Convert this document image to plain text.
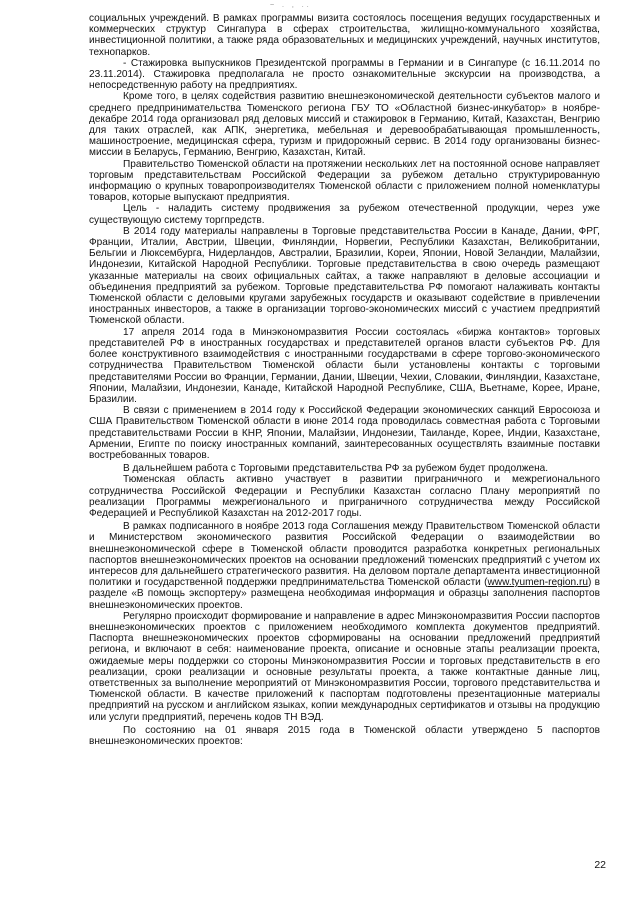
~ . , ..

социальных учреждений. В рамках программы визита состоялось посещения ведущих государственных и коммерческих структур Сингапура в сферах строительства, жилищно-коммунального хозяйства, инвестиционной политики, а также ряда образовательных и медицинских учреждений, научных институтов, технопарков.

- Стажировка выпускников Президентской программы в Германии и в Сингапуре (с 16.11.2014 по 23.11.2014). Стажировка предполагала не просто ознакомительные экскурсии на производства, а непосредственную работу на предприятиях.

Кроме того, в целях содействия развитию внешнеэкономической деятельности субъектов малого и среднего предпринимательства Тюменского региона ГБУ ТО «Областной бизнес-инкубатор» в ноябре-декабре 2014 года организовал ряд деловых миссий и стажировок в Германию, Китай, Казахстан, Венгрию для таких отраслей, как АПК, энергетика, мебельная и деревообрабатывающая промышленность, машиностроение, медицинская сфера, туризм и придорожный сервис. В 2014 году организованы бизнес-миссии в Беларусь, Германию, Венгрию, Казахстан, Китай.

Правительство Тюменской области на протяжении нескольких лет на постоянной основе направляет торговым представительствам Российской Федерации за рубежом детально структурированную информацию о крупных товаропроизводителях Тюменской области с приложением полной номенклатуры товаров, которые выпускают предприятия.

Цель - наладить систему продвижения за рубежом отечественной продукции, через уже существующую систему торгпредств.

В 2014 году материалы направлены в Торговые представительства России в Канаде, Дании, ФРГ, Франции, Италии, Австрии, Швеции, Финляндии, Норвегии, Республики Казахстан, Великобритании, Бельгии и Люксембурга, Нидерландов, Австралии, Бразилии, Кореи, Японии, Новой Зеландии, Малайзии, Индонезии, Китайской Народной Республики. Торговые представительства в свою очередь размещают указанные материалы на своих официальных сайтах, а также направляют в деловые ассоциации и объединения предприятий за рубежом. Торговые представительства РФ помогают налаживать контакты Тюменской области с деловыми кругами зарубежных государств и оказывают содействие в привлечении иностранных инвесторов, а также в организации торгово-экономических миссий с участием предприятий Тюменской области.

17 апреля 2014 года в Минэкономразвития России состоялась «биржа контактов» торговых представителей РФ в иностранных государствах и представителей органов власти субъектов РФ. Для более конструктивного взаимодействия с иностранными государствами в сфере торгово-экономического сотрудничества Правительством Тюменской области были установлены контакты с торговыми представителями России во Франции, Германии, Дании, Швеции, Чехии, Словакии, Финляндии, Казахстане, Японии, Малайзии, Индонезии, Канаде, Китайской Народной Республике, США, Вьетнаме, Корее, Иране, Бразилии.

В связи с применением в 2014 году к Российской Федерации экономических санкций Евросоюза и США Правительством Тюменской области в июне 2014 года проводилась совместная работа с Торговыми представительствами России в КНР, Японии, Малайзии, Индонезии, Таиланде, Корее, Индии, Казахстане, Армении, Египте по поиску иностранных компаний, заинтересованных осуществлять взаимные поставки востребованных товаров.

В дальнейшем работа с Торговыми представительства РФ за рубежом будет продолжена.

Тюменская область активно участвует в развитии приграничного и межрегионального сотрудничества Российской Федерации и Республики Казахстан согласно Плану мероприятий по реализации Программы межрегионального и приграничного сотрудничества между Российской Федерацией и Республикой Казахстан на 2012-2017 годы.

В рамках подписанного в ноябре 2013 года Соглашения между Правительством Тюменской области и Министерством экономического развития Российской Федерации о взаимодействии во внешнеэкономической сфере в Тюменской области проводится разработка конкретных региональных паспортов внешнеэкономических проектов на основании предложений тюменских предприятий с учетом их интересов для дальнейшего стратегического развития. На деловом портале департамента инвестиционной политики и государственной поддержки предпринимательства Тюменской области (www.tyumen-region.ru) в разделе «В помощь экспортеру» размещена необходимая информация и образцы заполнения паспортов внешнеэкономических проектов.

Регулярно происходит формирование и направление в адрес Минэкономразвития России паспортов внешнеэкономических проектов с приложением необходимого комплекта документов предприятий. Паспорта внешнеэкономических проектов сформированы на основании предложений предприятий региона, и включают в себя: наименование проекта, описание и основные этапы реализации проекта, ожидаемые меры поддержки со стороны Минэкономразвития России и торговых представительств в его реализации, сроки реализации и основные результаты проекта, а также контактные данные лиц, ответственных за выполнение мероприятий от Минэкономразвития России, торгового представительства и Тюменской области. В качестве приложений к паспортам подготовлены презентационные материалы предприятий на русском и английском языках, копии международных сертификатов и отзывы на продукцию или услуги предприятий, перечень кодов ТН ВЭД.

По состоянию на 01 января 2015 года в Тюменской области утверждено 5 паспортов внешнеэкономических проектов:

22
